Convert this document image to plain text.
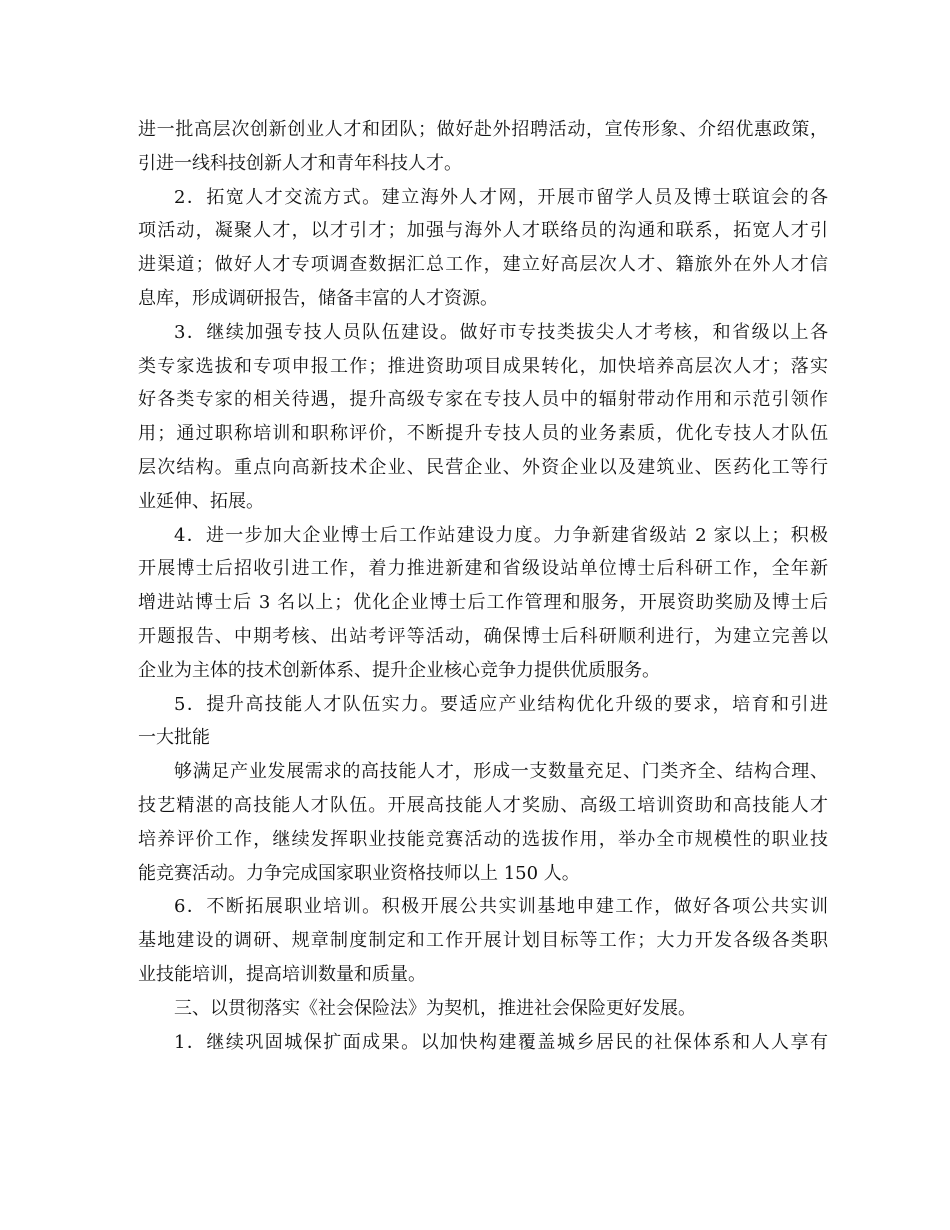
进一批高层次创新创业人才和团队；做好赴外招聘活动，宣传形象、介绍优惠政策，
引进一线科技创新人才和青年科技人才。
2．拓宽人才交流方式。建立海外人才网，开展市留学人员及博士联谊会的各
项活动，凝聚人才，以才引才；加强与海外人才联络员的沟通和联系，拓宽人才引
进渠道；做好人才专项调查数据汇总工作，建立好高层次人才、籍旅外在外人才信
息库，形成调研报告，储备丰富的人才资源。
3．继续加强专技人员队伍建设。做好市专技类拔尖人才考核，和省级以上各
类专家选拔和专项申报工作；推进资助项目成果转化，加快培养高层次人才；落实
好各类专家的相关待遇，提升高级专家在专技人员中的辐射带动作用和示范引领作
用；通过职称培训和职称评价，不断提升专技人员的业务素质，优化专技人才队伍
层次结构。重点向高新技术企业、民营企业、外资企业以及建筑业、医药化工等行
业延伸、拓展。
4．进一步加大企业博士后工作站建设力度。力争新建省级站 2 家以上；积极
开展博士后招收引进工作，着力推进新建和省级设站单位博士后科研工作，全年新
增进站博士后 3 名以上；优化企业博士后工作管理和服务，开展资助奖励及博士后
开题报告、中期考核、出站考评等活动，确保博士后科研顺利进行，为建立完善以
企业为主体的技术创新体系、提升企业核心竞争力提供优质服务。
5．提升高技能人才队伍实力。要适应产业结构优化升级的要求，培育和引进
一大批能
够满足产业发展需求的高技能人才，形成一支数量充足、门类齐全、结构合理、
技艺精湛的高技能人才队伍。开展高技能人才奖励、高级工培训资助和高技能人才
培养评价工作，继续发挥职业技能竞赛活动的选拔作用，举办全市规模性的职业技
能竞赛活动。力争完成国家职业资格技师以上 150 人。
6．不断拓展职业培训。积极开展公共实训基地申建工作，做好各项公共实训
基地建设的调研、规章制度制定和工作开展计划目标等工作；大力开发各级各类职
业技能培训，提高培训数量和质量。
三、以贯彻落实《社会保险法》为契机，推进社会保险更好发展。
1．继续巩固城保扩面成果。以加快构建覆盖城乡居民的社保体系和人人享有
